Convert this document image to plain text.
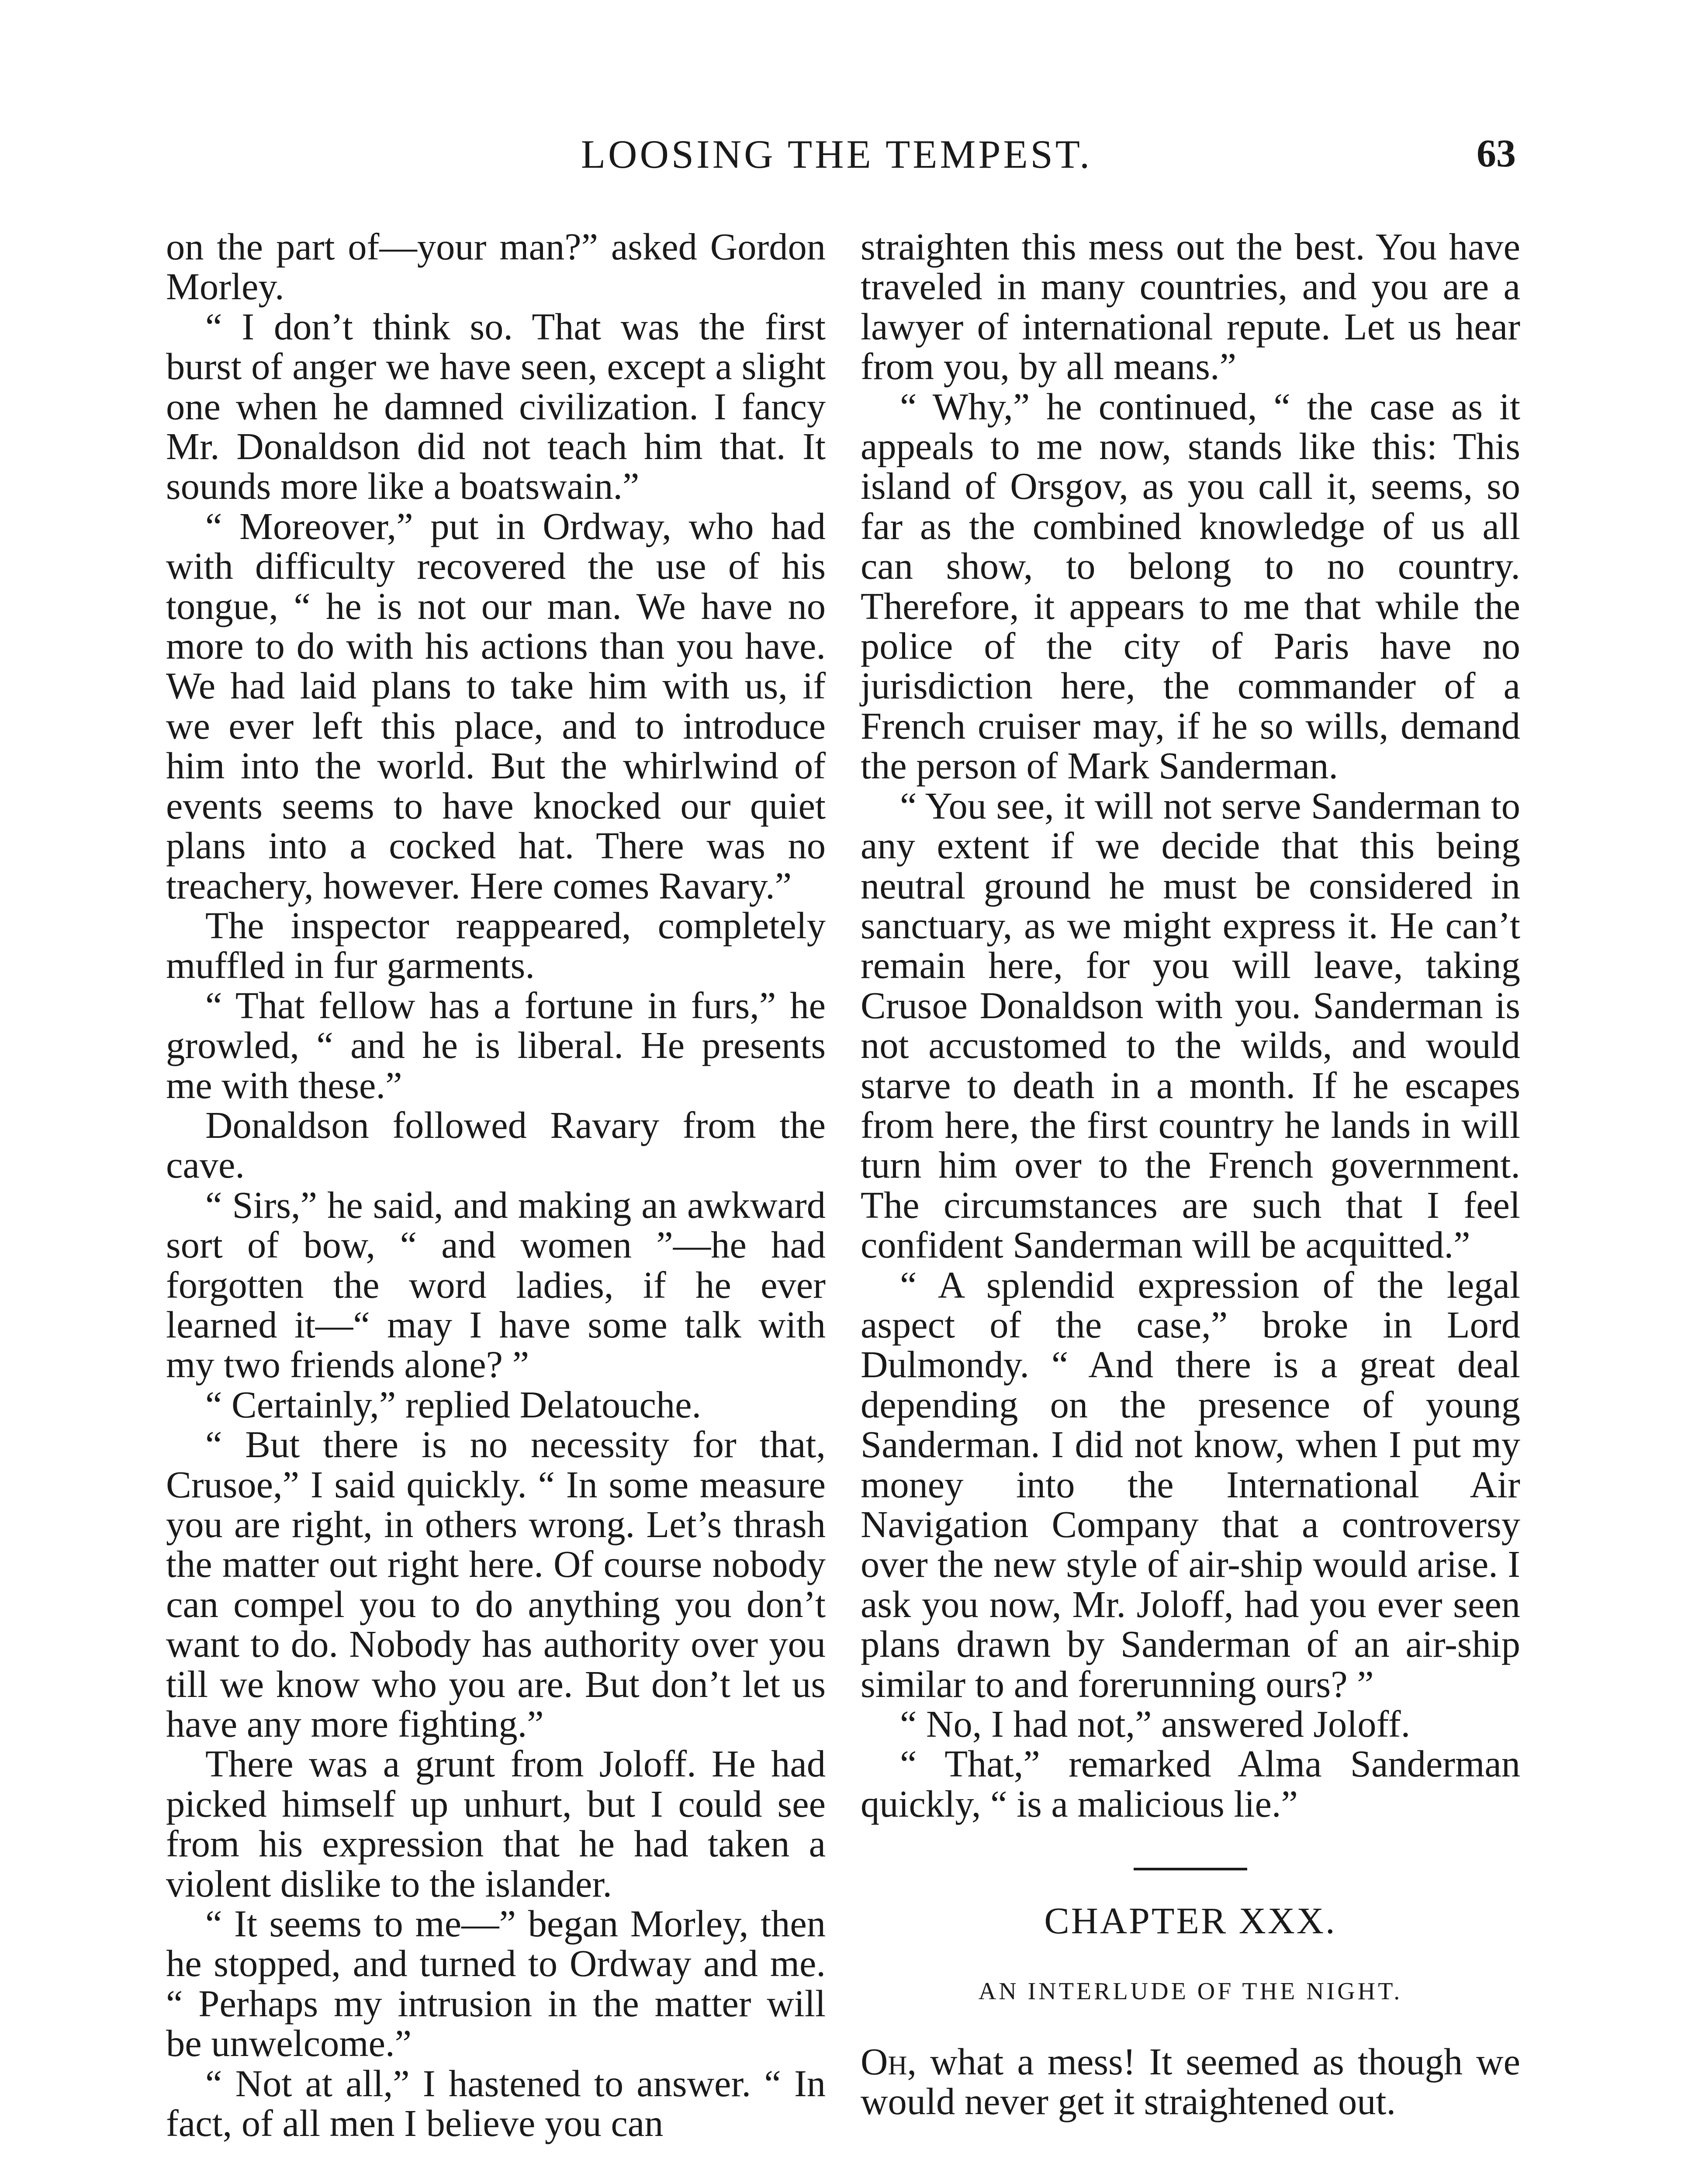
LOOSING THE TEMPEST.	63

on the part of—your man?” asked Gordon Morley.

“ I don’t think so. That was the first burst of anger we have seen, except a slight one when he damned civilization. I fancy Mr. Donaldson did not teach him that. It sounds more like a boatswain.”

“ Moreover,” put in Ordway, who had with difficulty recovered the use of his tongue, “ he is not our man. We have no more to do with his actions than you have. We had laid plans to take him with us, if we ever left this place, and to introduce him into the world. But the whirlwind of events seems to have knocked our quiet plans into a cocked hat. There was no treachery, however. Here comes Ravary.”

The inspector reappeared, completely muffled in fur garments.

“ That fellow has a fortune in furs,” he growled, “ and he is liberal. He presents me with these.”

Donaldson followed Ravary from the cave.

“ Sirs,” he said, and making an awkward sort of bow, “ and women ”—he had forgotten the word ladies, if he ever learned it—“ may I have some talk with my two friends alone? ”

“ Certainly,” replied Delatouche.

“ But there is no necessity for that, Crusoe,” I said quickly. “ In some measure you are right, in others wrong. Let’s thrash the matter out right here. Of course nobody can compel you to do anything you don’t want to do. Nobody has authority over you till we know who you are. But don’t let us have any more fighting.”

There was a grunt from Joloff. He had picked himself up unhurt, but I could see from his expression that he had taken a violent dislike to the islander.

“ It seems to me—” began Morley, then he stopped, and turned to Ordway and me. “ Perhaps my intrusion in the matter will be unwelcome.”

“ Not at all,” I hastened to answer. “ In fact, of all men I believe you can

straighten this mess out the best. You have traveled in many countries, and you are a lawyer of international repute. Let us hear from you, by all means.”

“ Why,” he continued, “ the case as it appeals to me now, stands like this: This island of Orsgov, as you call it, seems, so far as the combined knowledge of us all can show, to belong to no country. Therefore, it appears to me that while the police of the city of Paris have no jurisdiction here, the commander of a French cruiser may, if he so wills, demand the person of Mark Sanderman.

“ You see, it will not serve Sanderman to any extent if we decide that this being neutral ground he must be considered in sanctuary, as we might express it. He can’t remain here, for you will leave, taking Crusoe Donaldson with you. Sanderman is not accustomed to the wilds, and would starve to death in a month. If he escapes from here, the first country he lands in will turn him over to the French government. The circumstances are such that I feel confident Sanderman will be acquitted.”

“ A splendid expression of the legal aspect of the case,” broke in Lord Dulmondy. “ And there is a great deal depending on the presence of young Sanderman. I did not know, when I put my money into the International Air Navigation Company that a controversy over the new style of air-ship would arise. I ask you now, Mr. Joloff, had you ever seen plans drawn by Sanderman of an air-ship similar to and forerunning ours? ”

“ No, I had not,” answered Joloff.

“ That,” remarked Alma Sanderman quickly, “ is a malicious lie.”

CHAPTER XXX.
AN INTERLUDE OF THE NIGHT.

Oh, what a mess! It seemed as though we would never get it straightened out.
